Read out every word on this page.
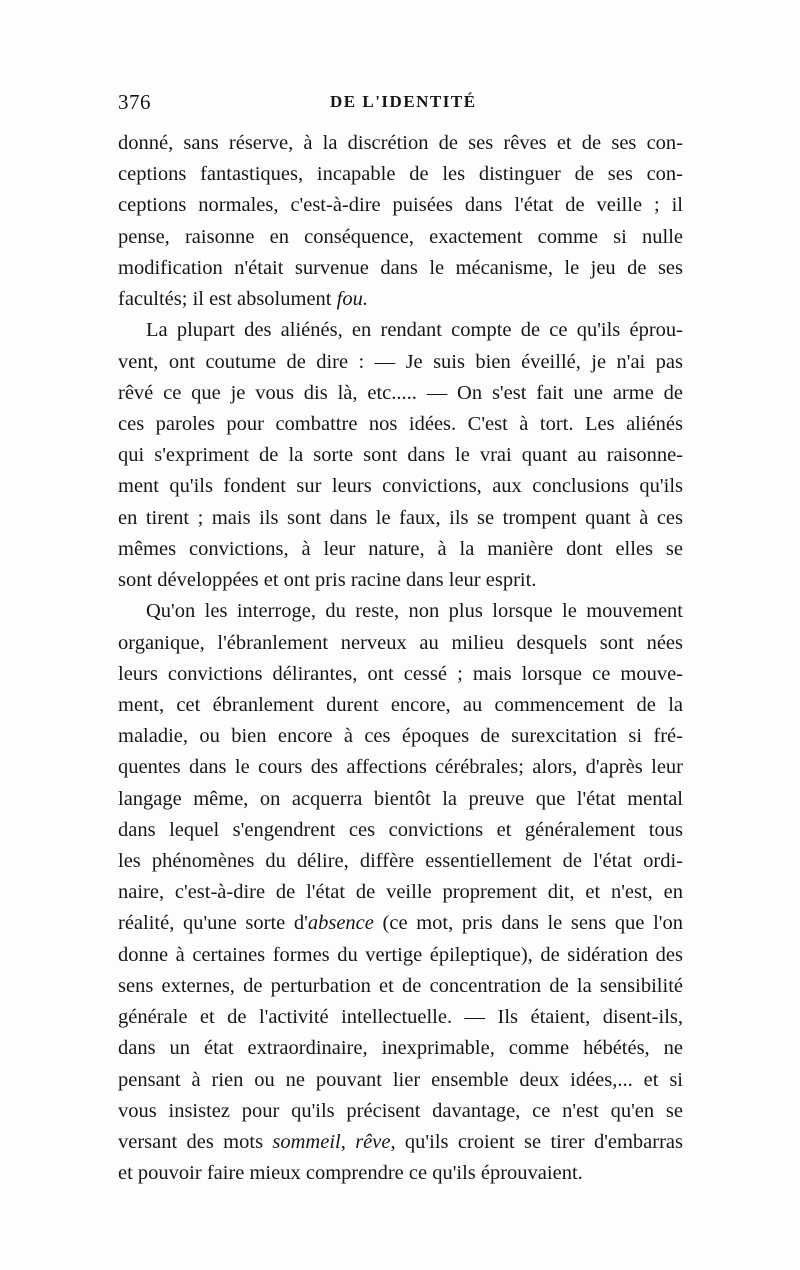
376	DE L'IDENTITÉ
donné, sans réserve, à la discrétion de ses rêves et de ses con-
ceptions fantastiques, incapable de les distinguer de ses con-
ceptions normales, c'est-à-dire puisées dans l'état de veille ; il
pense, raisonne en conséquence, exactement comme si nulle
modification n'était survenue dans le mécanisme, le jeu de ses
facultés; il est absolument fou.
La plupart des aliénés, en rendant compte de ce qu'ils éprou-
vent, ont coutume de dire : — Je suis bien éveillé, je n'ai pas
rêvé ce que je vous dis là, etc..... — On s'est fait une arme de
ces paroles pour combattre nos idées. C'est à tort. Les aliénés
qui s'expriment de la sorte sont dans le vrai quant au raisonne-
ment qu'ils fondent sur leurs convictions, aux conclusions qu'ils
en tirent ; mais ils sont dans le faux, ils se trompent quant à ces
mêmes convictions, à leur nature, à la manière dont elles se
sont développées et ont pris racine dans leur esprit.
Qu'on les interroge, du reste, non plus lorsque le mouvement
organique, l'ébranlement nerveux au milieu desquels sont nées
leurs convictions délirantes, ont cessé ; mais lorsque ce mouve-
ment, cet ébranlement durent encore, au commencement de la
maladie, ou bien encore à ces époques de surexcitation si fré-
quentes dans le cours des affections cérébrales; alors, d'après leur
langage même, on acquerra bientôt la preuve que l'état mental
dans lequel s'engendrent ces convictions et généralement tous
les phénomènes du délire, diffère essentiellement de l'état ordi-
naire, c'est-à-dire de l'état de veille proprement dit, et n'est, en
réalité, qu'une sorte d'absence (ce mot, pris dans le sens que l'on
donne à certaines formes du vertige épileptique), de sidération des
sens externes, de perturbation et de concentration de la sensibilité
générale et de l'activité intellectuelle. — Ils étaient, disent-ils,
dans un état extraordinaire, inexprimable, comme hébétés, ne
pensant à rien ou ne pouvant lier ensemble deux idées,... et si
vous insistez pour qu'ils précisent davantage, ce n'est qu'en se
versant des mots sommeil, rêve, qu'ils croient se tirer d'embarras
et pouvoir faire mieux comprendre ce qu'ils éprouvaient.
